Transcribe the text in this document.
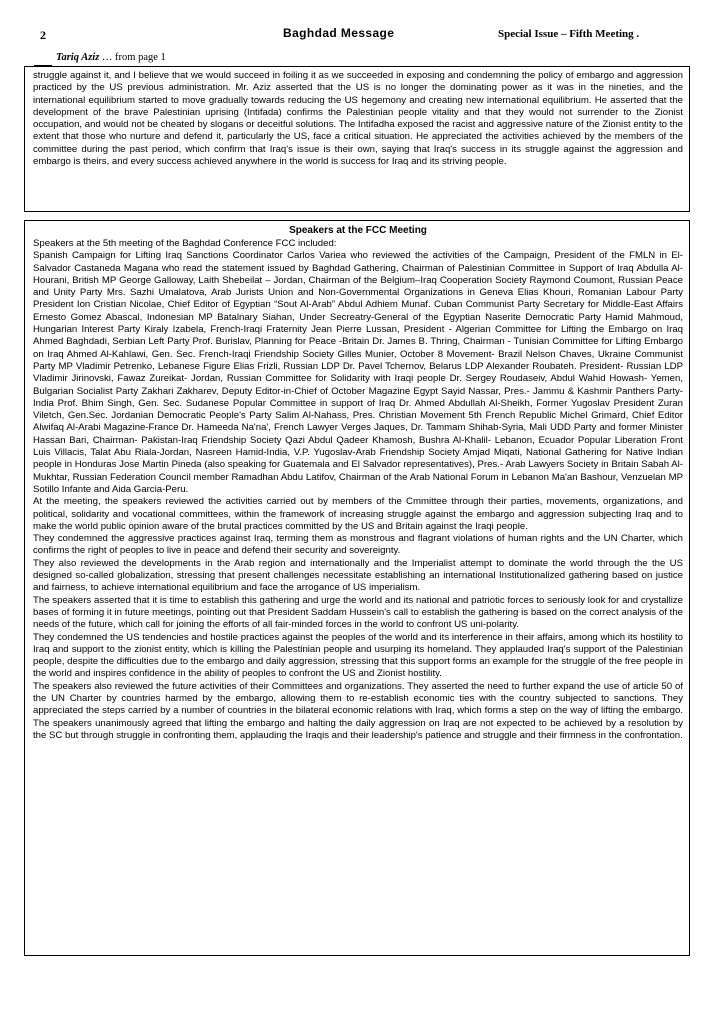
2	Baghdad Message	Special Issue – Fifth Meeting .
Tariq Aziz … from page 1

struggle against it, and I believe that we would succeed in foiling it as we succeeded in exposing and condemning the policy of embargo and aggression practiced by the US previous administration. Mr. Aziz asserted that the US is no longer the dominating power as it was in the nineties, and the international equilibrium started to move gradually towards reducing the US hegemony and creating new international equilibrium. He asserted that the development of the brave Palestinian uprising (Intifada) confirms the Palestinian people vitality and that they would not surrender to the Zionist occupation, and would not be cheated by slogans or deceitful solutions. The Intifadha exposed the racist and aggressive nature of the Zionist entity to the extent that those who nurture and defend it, particularly the US, face a critical situation. He appreciated the activities achieved by the members of the committee during the past period, which confirm that Iraq's issue is their own, saying that Iraq's success in its struggle against the aggression and embargo is theirs, and every success achieved anywhere in the world is success for Iraq and its striving people.

Speakers at the FCC Meeting

Speakers at the 5th meeting of the Baghdad Conference FCC included:

Spanish Campaign for Lifting Iraq Sanctions Coordinator Carlos Variea who reviewed the activities of the Campaign, President of the FMLN in El-Salvador Castaneda Magana who read the statement issued by Baghdad Gathering, Chairman of Palestinian Committee in Support of Iraq Abdulla Al-Hourani, British MP George Galloway, Laith Shebeilat – Jordan, Chairman of the Belgium–Iraq Cooperation Society Raymond Coumont, Russian Peace and Unity Party Mrs. Sazhi Umalatova, Arab Jurists Union and Non-Governmental Organizations in Geneva Elias Khouri, Romanian Labour Party President Ion Cristian Nicolae, Chief Editor of Egyptian “Sout Al-Arab” Abdul Adhiem Munaf. Cuban Communist Party Secretary for Middle-East Affairs Ernesto Gomez Abascal, Indonesian MP Batalnary Siahan, Under Secreatry-General of the Egyptian Naserite Democratic Party Hamid Mahmoud, Hungarian Interest Party Kiraly Izabela, French-Iraqi Fraternity Jean Pierre Lussan, President - Algerian Committee for Lifting the Embargo on Iraq Ahmed Baghdadi, Serbian Left Party Prof. Burislav, Planning for Peace -Britain Dr. James B. Thring, Chairman - Tunisian Committee for Lifting Embargo on Iraq Ahmed Al-Kahlawi, Gen. Sec. French-Iraqi Friendship Society Gilles Munier, October 8 Movement- Brazil Nelson Chaves, Ukraine Communist Party MP Vladimir Petrenko, Lebanese Figure Elias Frizli, Russian LDP Dr. Pavel Tchernov, Belarus LDP Alexander Roubateh. President- Russian LDP Vladimir Jirinovski, Fawaz Zureikat- Jordan, Russian Committee for Solidarity with Iraqi people Dr. Sergey Roudaseiv, Abdul Wahid Howash- Yemen, Bulgarian Socialist Party Zakhari Zakharev, Deputy Editor-in-Chief of October Magazine Egypt Sayid Nassar, Pres.- Jammu & Kashmir Panthers Party- India Prof. Bhim Singh, Gen. Sec. Sudanese Popular Committee in support of Iraq Dr. Ahmed Abdullah Al-Sheikh, Former Yugoslav President Zuran Viletch, Gen.Sec. Jordanian Democratic People's Party Salim Al-Nahass, Pres. Christian Movement 5th French Republic Michel Grimard, Chief Editor Alwifaq Al-Arabi Magazine-France Dr. Hameeda Na'na', French Lawyer Verges Jaques, Dr. Tammam Shihab-Syria, Mali UDD Party and former Minister Hassan Bari, Chairman- Pakistan-Iraq Friendship Society Qazi Abdul Qadeer Khamosh, Bushra Al-Khalil- Lebanon, Ecuador Popular Liberation Front Luis Villacis, Talat Abu Riala-Jordan, Nasreen Hamid-India, V.P. Yugoslav-Arab Friendship Society Amjad Miqati, National Gathering for Native Indian people in Honduras Jose Martin Pineda (also speaking for Guatemala and El Salvador representatives), Pres.- Arab Lawyers Society in Britain Sabah Al-Mukhtar, Russian Federation Council member Ramadhan Abdu Latifov, Chairman of the Arab National Forum in Lebanon Ma'an Bashour, Venzuelan MP Sotillo Infante and Aida Garcia-Peru.

At the meeting, the speakers reviewed the activities carried out by members of the Cmmittee through their parties, movements, organizations, and political, solidarity and vocational committees, within the framework of increasing struggle against the embargo and aggression subjecting Iraq and to make the world public opinion aware of the brutal practices committed by the US and Britain against the Iraqi people.

They condemned the aggressive practices against Iraq, terming them as monstrous and flagrant violations of human rights and the UN Charter, which confirms the right of peoples to live in peace and defend their security and sovereignty.

They also reviewed the developments in the Arab region and internationally and the Imperialist attempt to dominate the world through the the US designed so-called globalization, stressing that present challenges necessitate establishing an international Institutionalized gathering based on justice and fairness, to achieve international equilibrium and face the arrogance of US imperialism.

The speakers asserted that it is time to establish this gathering and urge the world and its national and patriotic forces to seriously look for and crystallize bases of forming it in future meetings, pointing out that President Saddam Hussein's call to establish the gathering is based on the correct analysis of the needs of the future, which call for joining the efforts of all fair-minded forces in the world to confront US uni-polarity.

They condemned the US tendencies and hostile practices against the peoples of the world and its interference in their affairs, among which its hostility to Iraq and support to the zionist entity, which is killing the Palestinian people and usurping its homeland. They applauded Iraq's support of the Palestinian people, despite the difficulties due to the embargo and daily aggression, stressing that this support forms an example for the struggle of the free people in the world and inspires confidence in the ability of peoples to confront the US and Zionist hostility.

The speakers also reviewed the future activities of their Committees and organizations. They asserted the need to further expand the use of article 50 of the UN Charter by countries harmed by the embargo, allowing them to re-establish economic ties with the country subjected to sanctions. They appreciated the steps carried by a number of countries in the bilateral economic relations with Iraq, which forms a step on the way of lifting the embargo. The speakers unanimously agreed that lifting the embargo and halting the daily aggression on Iraq are not expected to be achieved by a resolution by the SC but through struggle in confronting them, applauding the Iraqis and their leadership's patience and struggle and their firmness in the confrontation.
